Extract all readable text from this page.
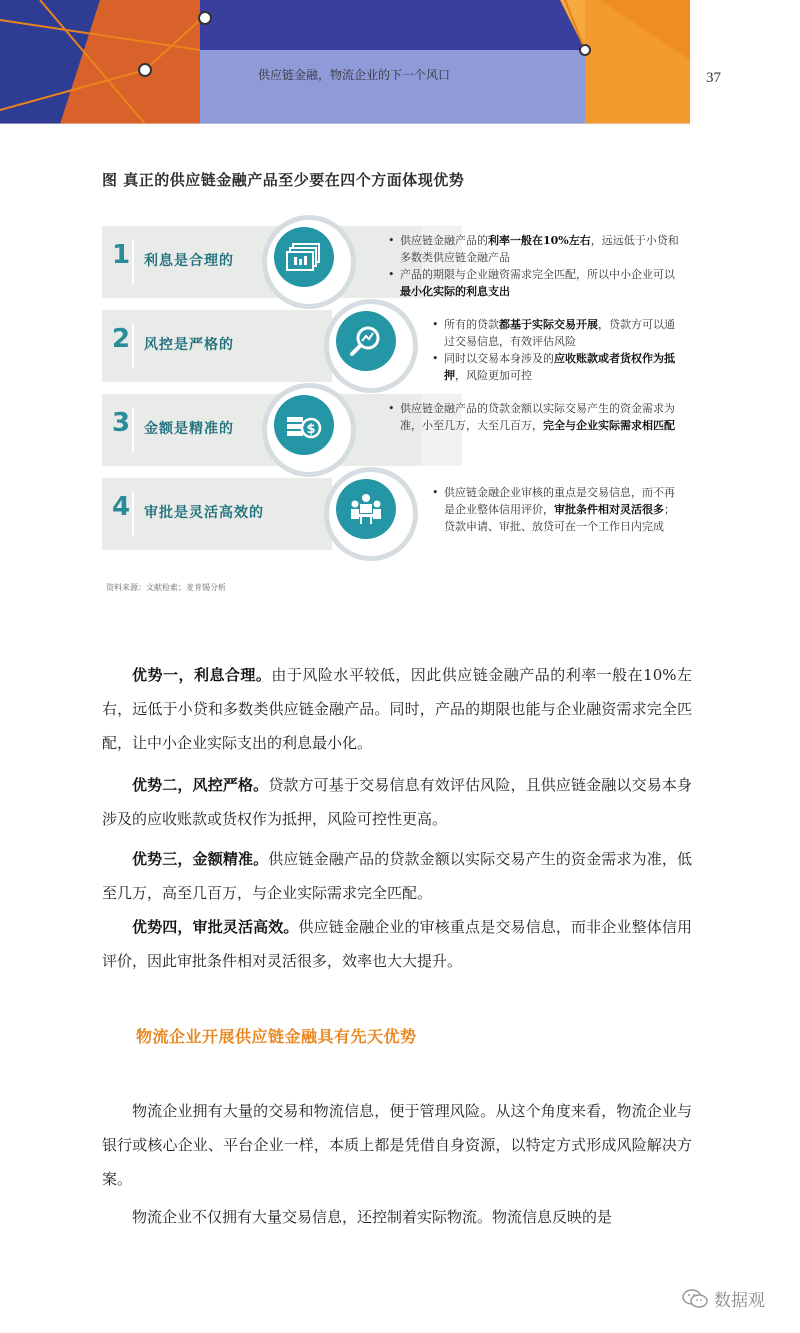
供应链金融，物流企业的下一个风口	37
图 真正的供应链金融产品至少要在四个方面体现优势
1 利息是合理的
• 供应链金融产品的利率一般在10%左右，远远低于小贷和多数类供应链金融产品
• 产品的期限与企业融资需求完全匹配，所以中小企业可以最小化实际的利息支出
2 风控是严格的
• 所有的贷款都基于实际交易开展，贷款方可以通过交易信息，有效评估风险
• 同时以交易本身涉及的应收账款或者货权作为抵押，风险更加可控
3 金额是精准的	$
• 供应链金融产品的贷款金额以实际交易产生的资金需求为准，小至几万，大至几百万，完全与企业实际需求相匹配
4 审批是灵活高效的
• 供应链金融企业审核的重点是交易信息，而不再是企业整体信用评价，审批条件相对灵活很多；贷款申请、审批、放贷可在一个工作日内完成
资料来源：文献检索；麦肯锡分析

优势一，利息合理。由于风险水平较低，因此供应链金融产品的利率一般在10%左右，远低于小贷和多数类供应链金融产品。同时，产品的期限也能与企业融资需求完全匹配，让中小企业实际支出的利息最小化。

优势二，风控严格。贷款方可基于交易信息有效评估风险，且供应链金融以交易本身涉及的应收账款或货权作为抵押，风险可控性更高。

优势三，金额精准。供应链金融产品的贷款金额以实际交易产生的资金需求为准，低至几万，高至几百万，与企业实际需求完全匹配。

优势四，审批灵活高效。供应链金融企业的审核重点是交易信息，而非企业整体信用评价，因此审批条件相对灵活很多，效率也大大提升。

物流企业开展供应链金融具有先天优势

物流企业拥有大量的交易和物流信息，便于管理风险。从这个角度来看，物流企业与银行或核心企业、平台企业一样，本质上都是凭借自身资源，以特定方式形成风险解决方案。

物流企业不仅拥有大量交易信息，还控制着实际物流。物流信息反映的是

数据观
